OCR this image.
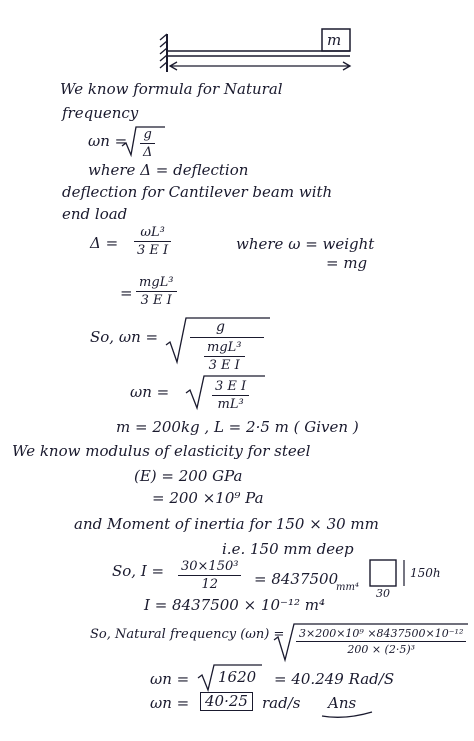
m
We know formula for Natural
frequency
$\omega n = \frac{g}{\Delta}$
where Δ = deflection
deflection for Cantilever beam with
end load
$\Delta = \frac{\text{ωL³}}{\text{3 E I}}$	where ω = weight
= mg
=
mgL³
3 E I
So, ωn =
g
mgL³
3 E I
ωn =	$\frac{\text{3 E I}}{\text{mL³}}$
m = 200kg , L = 2·5 m ( Given )
We know modulus of elasticity for steel
(E) = 200 GPa
= 200 ×10⁹ Pa
and Moment of inertia for 150 × 30 mm
i.e. 150 mm deep
So, $I = \frac{\text{30×150³}}{12} = 8437500$
mm⁴ 30
150h
I = 8437500 × 10⁻¹² m⁴
So, Natural frequency $(\omega n) = \frac{\text{3×200×10⁹ ×8437500×10⁻¹²}}{\text{200 × (2·5)³}}$
ωn = 1620 = 40.249 Rad/S
ωn =	40·25 rad/s Ans
